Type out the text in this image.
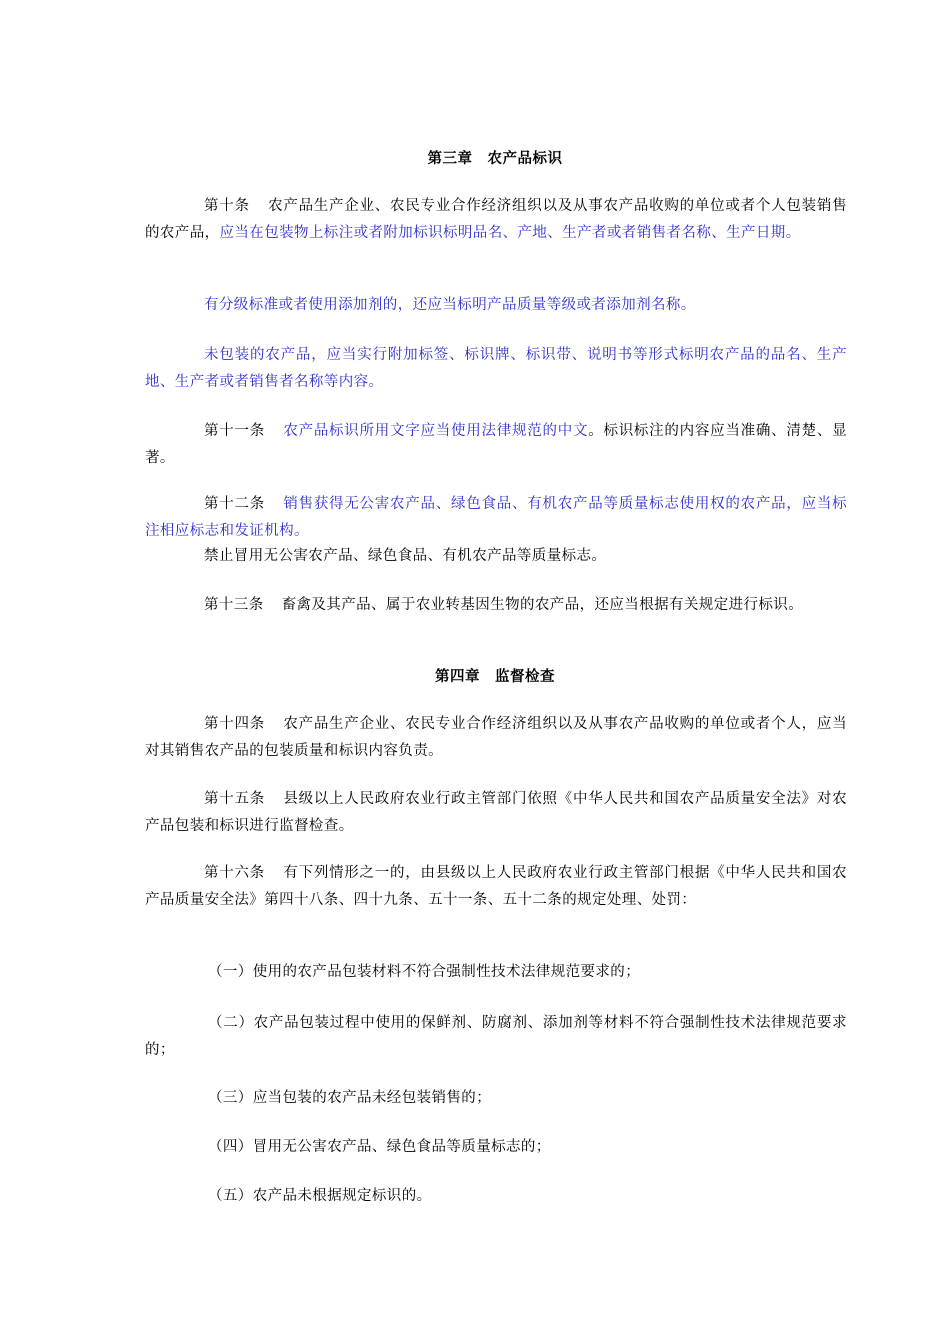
第三章　农产品标识
第十条 农产品生产企业、农民专业合作经济组织以及从事农产品收购的单位或者个人包装销售的农产品，应当在包装物上标注或者附加标识标明品名、产地、生产者或者销售者名称、生产日期。
有分级标准或者使用添加剂的，还应当标明产品质量等级或者添加剂名称。
未包装的农产品，应当实行附加标签、标识牌、标识带、说明书等形式标明农产品的品名、生产地、生产者或者销售者名称等内容。
第十一条 农产品标识所用文字应当使用法律规范的中文。标识标注的内容应当准确、清楚、显著。
第十二条 销售获得无公害农产品、绿色食品、有机农产品等质量标志使用权的农产品，应当标注相应标志和发证机构。
禁止冒用无公害农产品、绿色食品、有机农产品等质量标志。
第十三条 畜禽及其产品、属于农业转基因生物的农产品，还应当根据有关规定进行标识。
第四章　监督检查
第十四条 农产品生产企业、农民专业合作经济组织以及从事农产品收购的单位或者个人，应当对其销售农产品的包装质量和标识内容负责。
第十五条 县级以上人民政府农业行政主管部门依照《中华人民共和国农产品质量安全法》对农产品包装和标识进行监督检查。
第十六条 有下列情形之一的，由县级以上人民政府农业行政主管部门根据《中华人民共和国农产品质量安全法》第四十八条、四十九条、五十一条、五十二条的规定处理、处罚：
（一）使用的农产品包装材料不符合强制性技术法律规范要求的；
（二）农产品包装过程中使用的保鲜剂、防腐剂、添加剂等材料不符合强制性技术法律规范要求的；
（三）应当包装的农产品未经包装销售的；
（四）冒用无公害农产品、绿色食品等质量标志的；
（五）农产品未根据规定标识的。
